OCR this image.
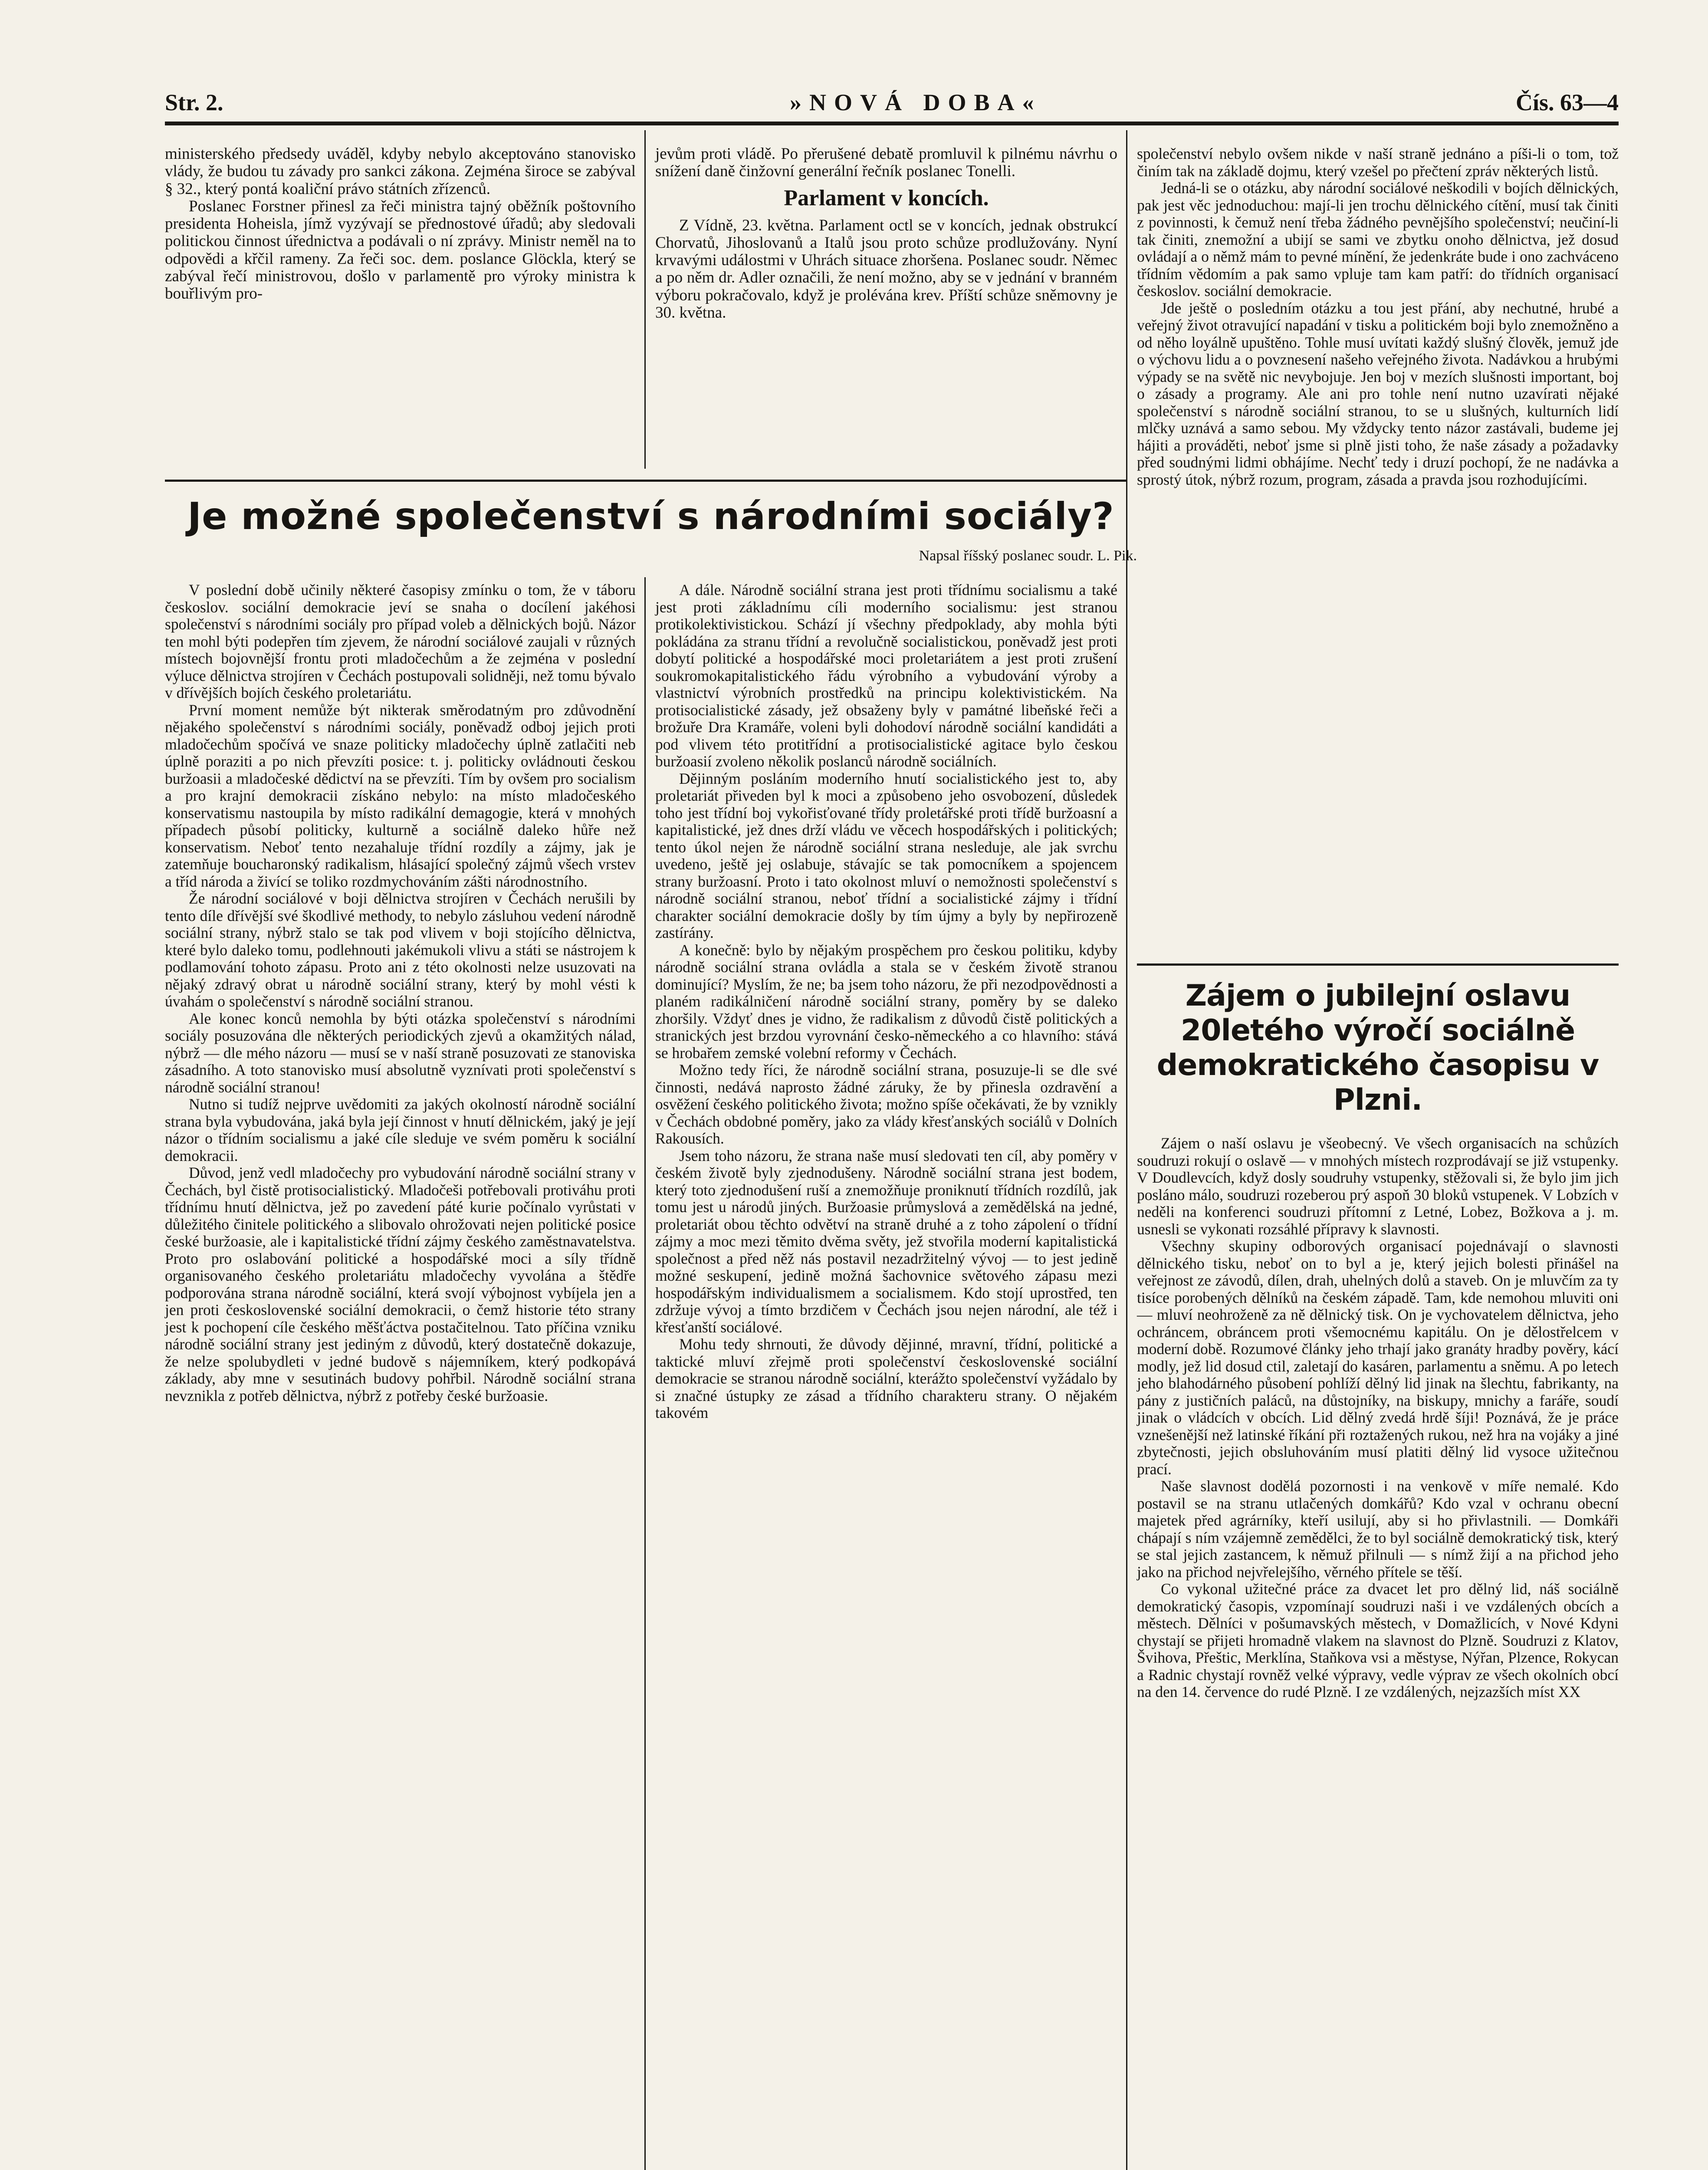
Str. 2.	»NOVÁ DOBA«	Čís. 63—4

ministerského předsedy uváděl, kdyby nebylo akceptováno stanovisko vlády, že budou tu závady pro sankci zákona. Zejména široce se zabýval § 32., který pontá koaliční právo státních zřízenců.

Poslanec Forstner přinesl za řeči ministra tajný oběžník poštovního presidenta Hoheisla, jímž vyzývají se přednostové úřadů; aby sledovali politickou činnost úřednictva a podávali o ní zprávy. Ministr neměl na to odpovědi a křčil rameny. Za řeči soc. dem. poslance Glöckla, který se zabýval řečí ministrovou, došlo v parlamentě pro výroky ministra k bouřlivým pro-

jevům proti vládě. Po přerušené debatě promluvil k pilnému návrhu o snížení daně činžovní generální řečník poslanec Tonelli.

Parlament v koncích.

Z Vídně, 23. května. Parlament octl se v koncích, jednak obstrukcí Chorvatů, Jihoslovanů a Italů jsou proto schůze prodlužovány. Nyní krvavými událostmi v Uhrách situace zhoršena. Poslanec soudr. Němec a po něm dr. Adler označili, že není možno, aby se v jednání v branném výboru pokračovalo, když je prolévána krev. Příští schůze sněmovny je 30. května.

Je možné společenství s národními sociály?
Napsal říšský poslanec soudr. L. Pik.

V poslední době učinily některé časopisy zmínku o tom, že v táboru českoslov. sociální demokracie jeví se snaha o docílení jakéhosi společenství s národními sociály pro případ voleb a dělnických bojů. Názor ten mohl býti podepřen tím zjevem, že národní sociálové zaujali v různých místech bojovnější frontu proti mladočechům a že zejména v poslední výluce dělnictva strojíren v Čechách postupovali solidněji, než tomu bývalo v dřívějších bojích českého proletariátu.

První moment nemůže být nikterak směrodatným pro zdůvodnění nějakého společenství s národními sociály, poněvadž odboj jejich proti mladočechům spočívá ve snaze politicky mladočechy úplně zatlačiti neb úplně poraziti a po nich převzíti posice: t. j. politicky ovládnouti českou buržoasii a mladočeské dědictví na se převzíti. Tím by ovšem pro socialism a pro krajní demokracii získáno nebylo: na místo mladočeského konservatismu nastoupila by místo radikální demagogie, která v mnohých případech působí politicky, kulturně a sociálně daleko hůře než konservatism. Neboť tento nezahaluje třídní rozdíly a zájmy, jak je zatemňuje boucharonský radikalism, hlásající společný zájmů všech vrstev a tříd národa a živící se toliko rozdmychováním zášti národnostního.

Že národní sociálové v boji dělnictva strojíren v Čechách nerušili by tento díle dřívější své škodlivé methody, to nebylo zásluhou vedení národně sociální strany, nýbrž stalo se tak pod vlivem v boji stojícího dělnictva, které bylo daleko tomu, podlehnouti jakémukoli vlivu a státi se nástrojem k podlamování tohoto zápasu. Proto ani z této okolnosti nelze usuzovati na nějaký zdravý obrat u národně sociální strany, který by mohl vésti k úvahám o společenství s národně sociální stranou.

Ale konec konců nemohla by býti otázka společenství s národními sociály posuzována dle některých periodických zjevů a okamžitých nálad, nýbrž — dle mého názoru — musí se v naší straně posuzovati ze stanoviska zásadního. A toto stanovisko musí absolutně vyznívati proti společenství s národně sociální stranou!

Nutno si tudíž nejprve uvědomiti za jakých okolností národně sociální strana byla vybudována, jaká byla její činnost v hnutí dělnickém, jaký je její názor o třídním socialismu a jaké cíle sleduje ve svém poměru k sociální demokracii.

Důvod, jenž vedl mladočechy pro vybudování národně sociální strany v Čechách, byl čistě protisocialistický. Mladočeši potřebovali protiváhu proti třídnímu hnutí dělnictva, jež po zavedení páté kurie počínalo vyrůstati v důležitého činitele politického a slibovalo ohrožovati nejen politické posice české buržoasie, ale i kapitalistické třídní zájmy českého zaměstnavatelstva. Proto pro oslabování politické a hospodářské moci a síly třídně organisovaného českého proletariátu mladočechy vyvolána a štědře podporována strana národně sociální, která svojí výbojnost vybíjela jen a jen proti československé sociální demokracii, o čemž historie této strany jest k pochopení cíle českého měšťáctva postačitelnou. Tato příčina vzniku národně sociální strany jest jediným z důvodů, který dostatečně dokazuje, že nelze spolubydleti v jedné budově s nájemníkem, který podkopává základy, aby mne v sesutinách budovy pohřbil. Národně sociální strana nevznikla z potřeb dělnictva, nýbrž z potřeby české buržoasie.

A dále. Národně sociální strana jest proti třídnímu socialismu a také jest proti základnímu cíli moderního socialismu: jest stranou protikolektivistickou. Schází jí všechny předpoklady, aby mohla býti pokládána za stranu třídní a revolučně socialistickou, poněvadž jest proti dobytí politické a hospodářské moci proletariátem a jest proti zrušení soukromokapitalistického řádu výrobního a vybudování výroby a vlastnictví výrobních prostředků na principu kolektivistickém. Na protisocialistické zásady, jež obsaženy byly v památné libeňské řeči a brožuře Dra Kramáře, voleni byli dohodoví národně sociální kandidáti a pod vlivem této protitřídní a protisocialistické agitace bylo českou buržoasií zvoleno několik poslanců národně sociálních.

Dějinným posláním moderního hnutí socialistického jest to, aby proletariát přiveden byl k moci a způsobeno jeho osvobození, důsledek toho jest třídní boj vykořisťované třídy proletářské proti třídě buržoasní a kapitalistické, jež dnes drží vládu ve věcech hospodářských i politických; tento úkol nejen že národně sociální strana nesleduje, ale jak svrchu uvedeno, ještě jej oslabuje, stávajíc se tak pomocníkem a spojencem strany buržoasní. Proto i tato okolnost mluví o nemožnosti společenství s národně sociální stranou, neboť třídní a socialistické zájmy i třídní charakter sociální demokracie došly by tím újmy a byly by nepřirozeně zastírány.

A konečně: bylo by nějakým prospěchem pro českou politiku, kdyby národně sociální strana ovládla a stala se v českém životě stranou dominující? Myslím, že ne; ba jsem toho názoru, že při nezodpovědnosti a planém radikálničení národně sociální strany, poměry by se daleko zhoršily. Vždyť dnes je vidno, že radikalism z důvodů čistě politických a stranických jest brzdou vyrovnání česko-německého a co hlavního: stává se hrobařem zemské volební reformy v Čechách.

Možno tedy říci, že národně sociální strana, posuzuje-li se dle své činnosti, nedává naprosto žádné záruky, že by přinesla ozdravění a osvěžení českého politického života; možno spíše očekávati, že by vznikly v Čechách obdobné poměry, jako za vlády křesťanských sociálů v Dolních Rakousích.

Jsem toho názoru, že strana naše musí sledovati ten cíl, aby poměry v českém životě byly zjednodušeny. Národně sociální strana jest bodem, který toto zjednodušení ruší a znemožňuje proniknutí třídních rozdílů, jak tomu jest u národů jiných. Buržoasie průmyslová a zemědělská na jedné, proletariát obou těchto odvětví na straně druhé a z toho zápolení o třídní zájmy a moc mezi těmito dvěma světy, jež stvořila moderní kapitalistická společnost a před něž nás postavil nezadržitelný vývoj — to jest jedině možné seskupení, jedině možná šachovnice světového zápasu mezi hospodářským individualismem a socialismem. Kdo stojí uprostřed, ten zdržuje vývoj a tímto brzdičem v Čechách jsou nejen národní, ale též i křesťanští sociálové.

Mohu tedy shrnouti, že důvody dějinné, mravní, třídní, politické a taktické mluví zřejmě proti společenství československé sociální demokracie se stranou národně sociální, kterážto společenství vyžádalo by si značné ústupky ze zásad a třídního charakteru strany. O nějakém takovém

společenství nebylo ovšem nikde v naší straně jednáno a píši-li o tom, tož činím tak na základě dojmu, který vzešel po přečtení zpráv některých listů.

Jedná-li se o otázku, aby národní sociálové neškodili v bojích dělnických, pak jest věc jednoduchou: mají-li jen trochu dělnického cítění, musí tak činiti z povinnosti, k čemuž není třeba žádného pevnějšího společenství; neučiní-li tak činiti, znemožní a ubijí se sami ve zbytku onoho dělnictva, jež dosud ovládají a o němž mám to pevné mínění, že jedenkráte bude i ono zachváceno třídním vědomím a pak samo vpluje tam kam patří: do třídních organisací českoslov. sociální demokracie.

Jde ještě o posledním otázku a tou jest přání, aby nechutné, hrubé a veřejný život otravující napadání v tisku a politickém boji bylo znemožněno a od něho loyálně upuštěno. Tohle musí uvítati každý slušný člověk, jemuž jde o výchovu lidu a o povznesení našeho veřejného života. Nadávkou a hrubými výpady se na světě nic nevybojuje. Jen boj v mezích slušnosti important, boj o zásady a programy. Ale ani pro tohle není nutno uzavírati nějaké společenství s národně sociální stranou, to se u slušných, kulturních lidí mlčky uznává a samo sebou. My vždycky tento názor zastávali, budeme jej hájiti a prováděti, neboť jsme si plně jisti toho, že naše zásady a požadavky před soudnými lidmi obhájíme. Nechť tedy i druzí pochopí, že ne nadávka a sprostý útok, nýbrž rozum, program, zásada a pravda jsou rozhodujícími.

Zájem o jubilejní oslavu 20letého výročí sociálně demokratického časopisu v Plzni.

Zájem o naší oslavu je všeobecný. Ve všech organisacích na schůzích soudruzi rokují o oslavě — v mnohých místech rozprodávají se již vstupenky. V Doudlevcích, když dosly soudruhy vstupenky, stěžovali si, že bylo jim jich posláno málo, soudruzi rozeberou prý aspoň 30 bloků vstupenek. V Lobzích v neděli na konferenci soudruzi přítomní z Letné, Lobez, Božkova a j. m. usnesli se vykonati rozsáhlé přípravy k slavnosti.

Všechny skupiny odborových organisací pojednávají o slavnosti dělnického tisku, neboť on to byl a je, který jejich bolesti přinášel na veřejnost ze závodů, dílen, drah, uhelných dolů a staveb. On je mluvčím za ty tisíce porobených dělníků na českém západě. Tam, kde nemohou mluviti oni — mluví neohroženě za ně dělnický tisk. On je vychovatelem dělnictva, jeho ochráncem, obráncem proti všemocnému kapitálu. On je dělostřelcem v moderní době. Rozumové články jeho trhají jako granáty hradby pověry, kácí modly, jež lid dosud ctil, zaletají do kasáren, parlamentu a sněmu. A po letech jeho blahodárného působení pohlíží dělný lid jinak na šlechtu, fabrikanty, na pány z justičních paláců, na důstojníky, na biskupy, mnichy a faráře, soudí jinak o vládcích v obcích. Lid dělný zvedá hrdě šíji! Poznává, že je práce vznešenější než latinské říkání při roztažených rukou, než hra na vojáky a jiné zbytečnosti, jejich obsluhováním musí platiti dělný lid vysoce užitečnou prací.

Naše slavnost dodělá pozornosti i na venkově v míře nemalé. Kdo postavil se na stranu utlačených domkářů? Kdo vzal v ochranu obecní majetek před agrárníky, kteří usilují, aby si ho přivlastnili. — Domkáři chápají s ním vzájemně zemědělci, že to byl sociálně demokratický tisk, který se stal jejich zastancem, k němuž přilnuli — s nímž žijí a na přichod jeho jako na přichod nejvřelejšího, věrného přítele se těší.

Co vykonal užitečné práce za dvacet let pro dělný lid, náš sociálně demokratický časopis, vzpomínají soudruzi naši i ve vzdálených obcích a městech. Dělníci v pošumavských městech, v Domažlicích, v Nové Kdyni chystají se přijeti hromadně vlakem na slavnost do Plzně. Soudruzi z Klatov, Švihova, Přeštic, Merklína, Staňkova vsi a městyse, Nýřan, Plzence, Rokycan a Radnic chystají rovněž velké výpravy, vedle výprav ze všech okolních obcí na den 14. července do rudé Plzně. I ze vzdálených, nejzazších míst XX
